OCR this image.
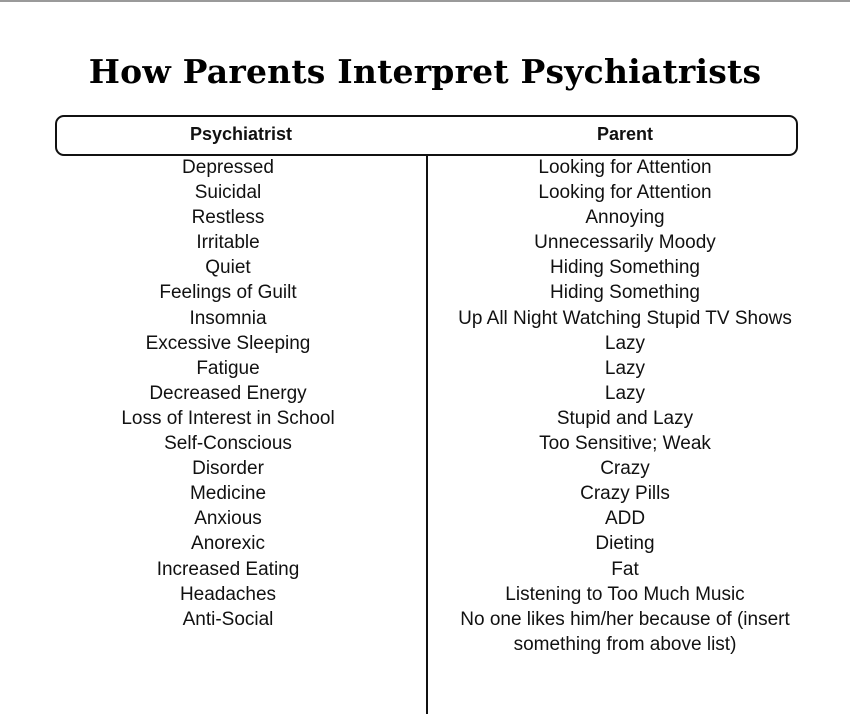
How Parents Interpret Psychiatrists
Psychiatrist	Parent
Depressed
Suicidal
Restless
Irritable
Quiet
Feelings of Guilt
Insomnia
Excessive Sleeping
Fatigue
Decreased Energy
Loss of Interest in School
Self-Conscious
Disorder
Medicine
Anxious
Anorexic
Increased Eating
Headaches
Anti-Social
Looking for Attention
Looking for Attention
Annoying
Unnecessarily Moody
Hiding Something
Hiding Something
Up All Night Watching Stupid TV Shows
Lazy
Lazy
Lazy
Stupid and Lazy
Too Sensitive; Weak
Crazy
Crazy Pills
ADD
Dieting
Fat
Listening to Too Much Music
No one likes him/her because of (insert something from above list)
